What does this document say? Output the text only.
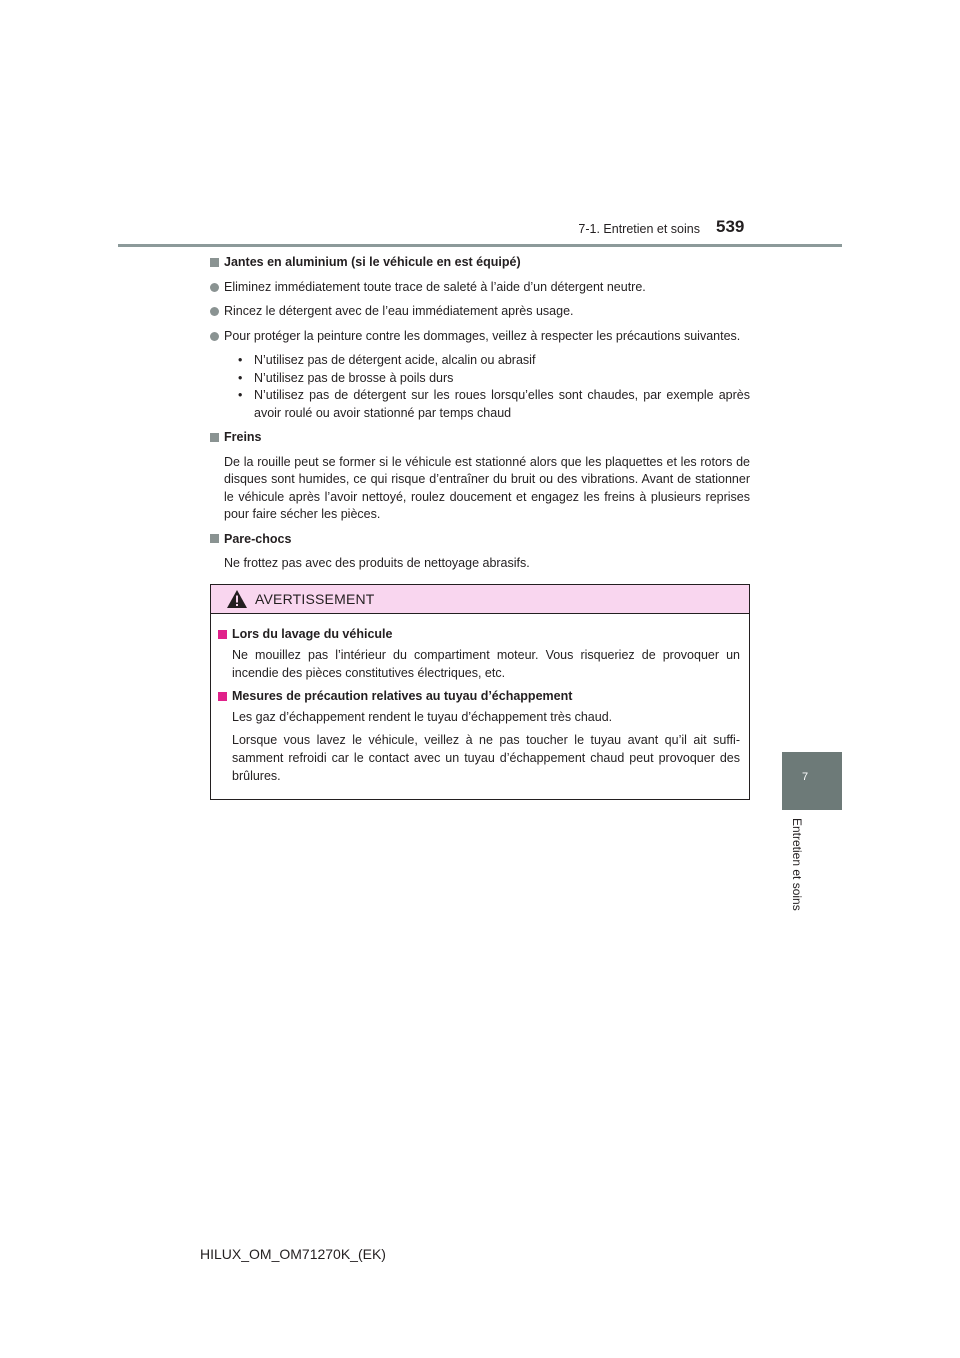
7-1. Entretien et soins 539
7
Entretien et soins
Jantes en aluminium (si le véhicule en est équipé)
Eliminez immédiatement toute trace de saleté à l’aide d’un détergent neutre.
Rincez le détergent avec de l’eau immédiatement après usage.
Pour protéger la peinture contre les dommages, veillez à respecter les précautions suivantes.
• N’utilisez pas de détergent acide, alcalin ou abrasif
• N’utilisez pas de brosse à poils durs
• N’utilisez pas de détergent sur les roues lorsqu’elles sont chaudes, par exemple après avoir roulé ou avoir stationné par temps chaud
Freins
De la rouille peut se former si le véhicule est stationné alors que les plaquettes et les rotors de disques sont humides, ce qui risque d’entraîner du bruit ou des vibrations. Avant de stationner le véhicule après l’avoir nettoyé, roulez doucement et engagez les freins à plusieurs reprises pour faire sécher les pièces.
Pare-chocs
Ne frottez pas avec des produits de nettoyage abrasifs.
AVERTISSEMENT
Lors du lavage du véhicule
Ne mouillez pas l’intérieur du compartiment moteur. Vous risqueriez de provoquer un incendie des pièces constitutives électriques, etc.
Mesures de précaution relatives au tuyau d’échappement
Les gaz d’échappement rendent le tuyau d’échappement très chaud.
Lorsque vous lavez le véhicule, veillez à ne pas toucher le tuyau avant qu’il ait suffi-samment refroidi car le contact avec un tuyau d’échappement chaud peut provoquer des brûlures.
HILUX_OM_OM71270K_(EK)
